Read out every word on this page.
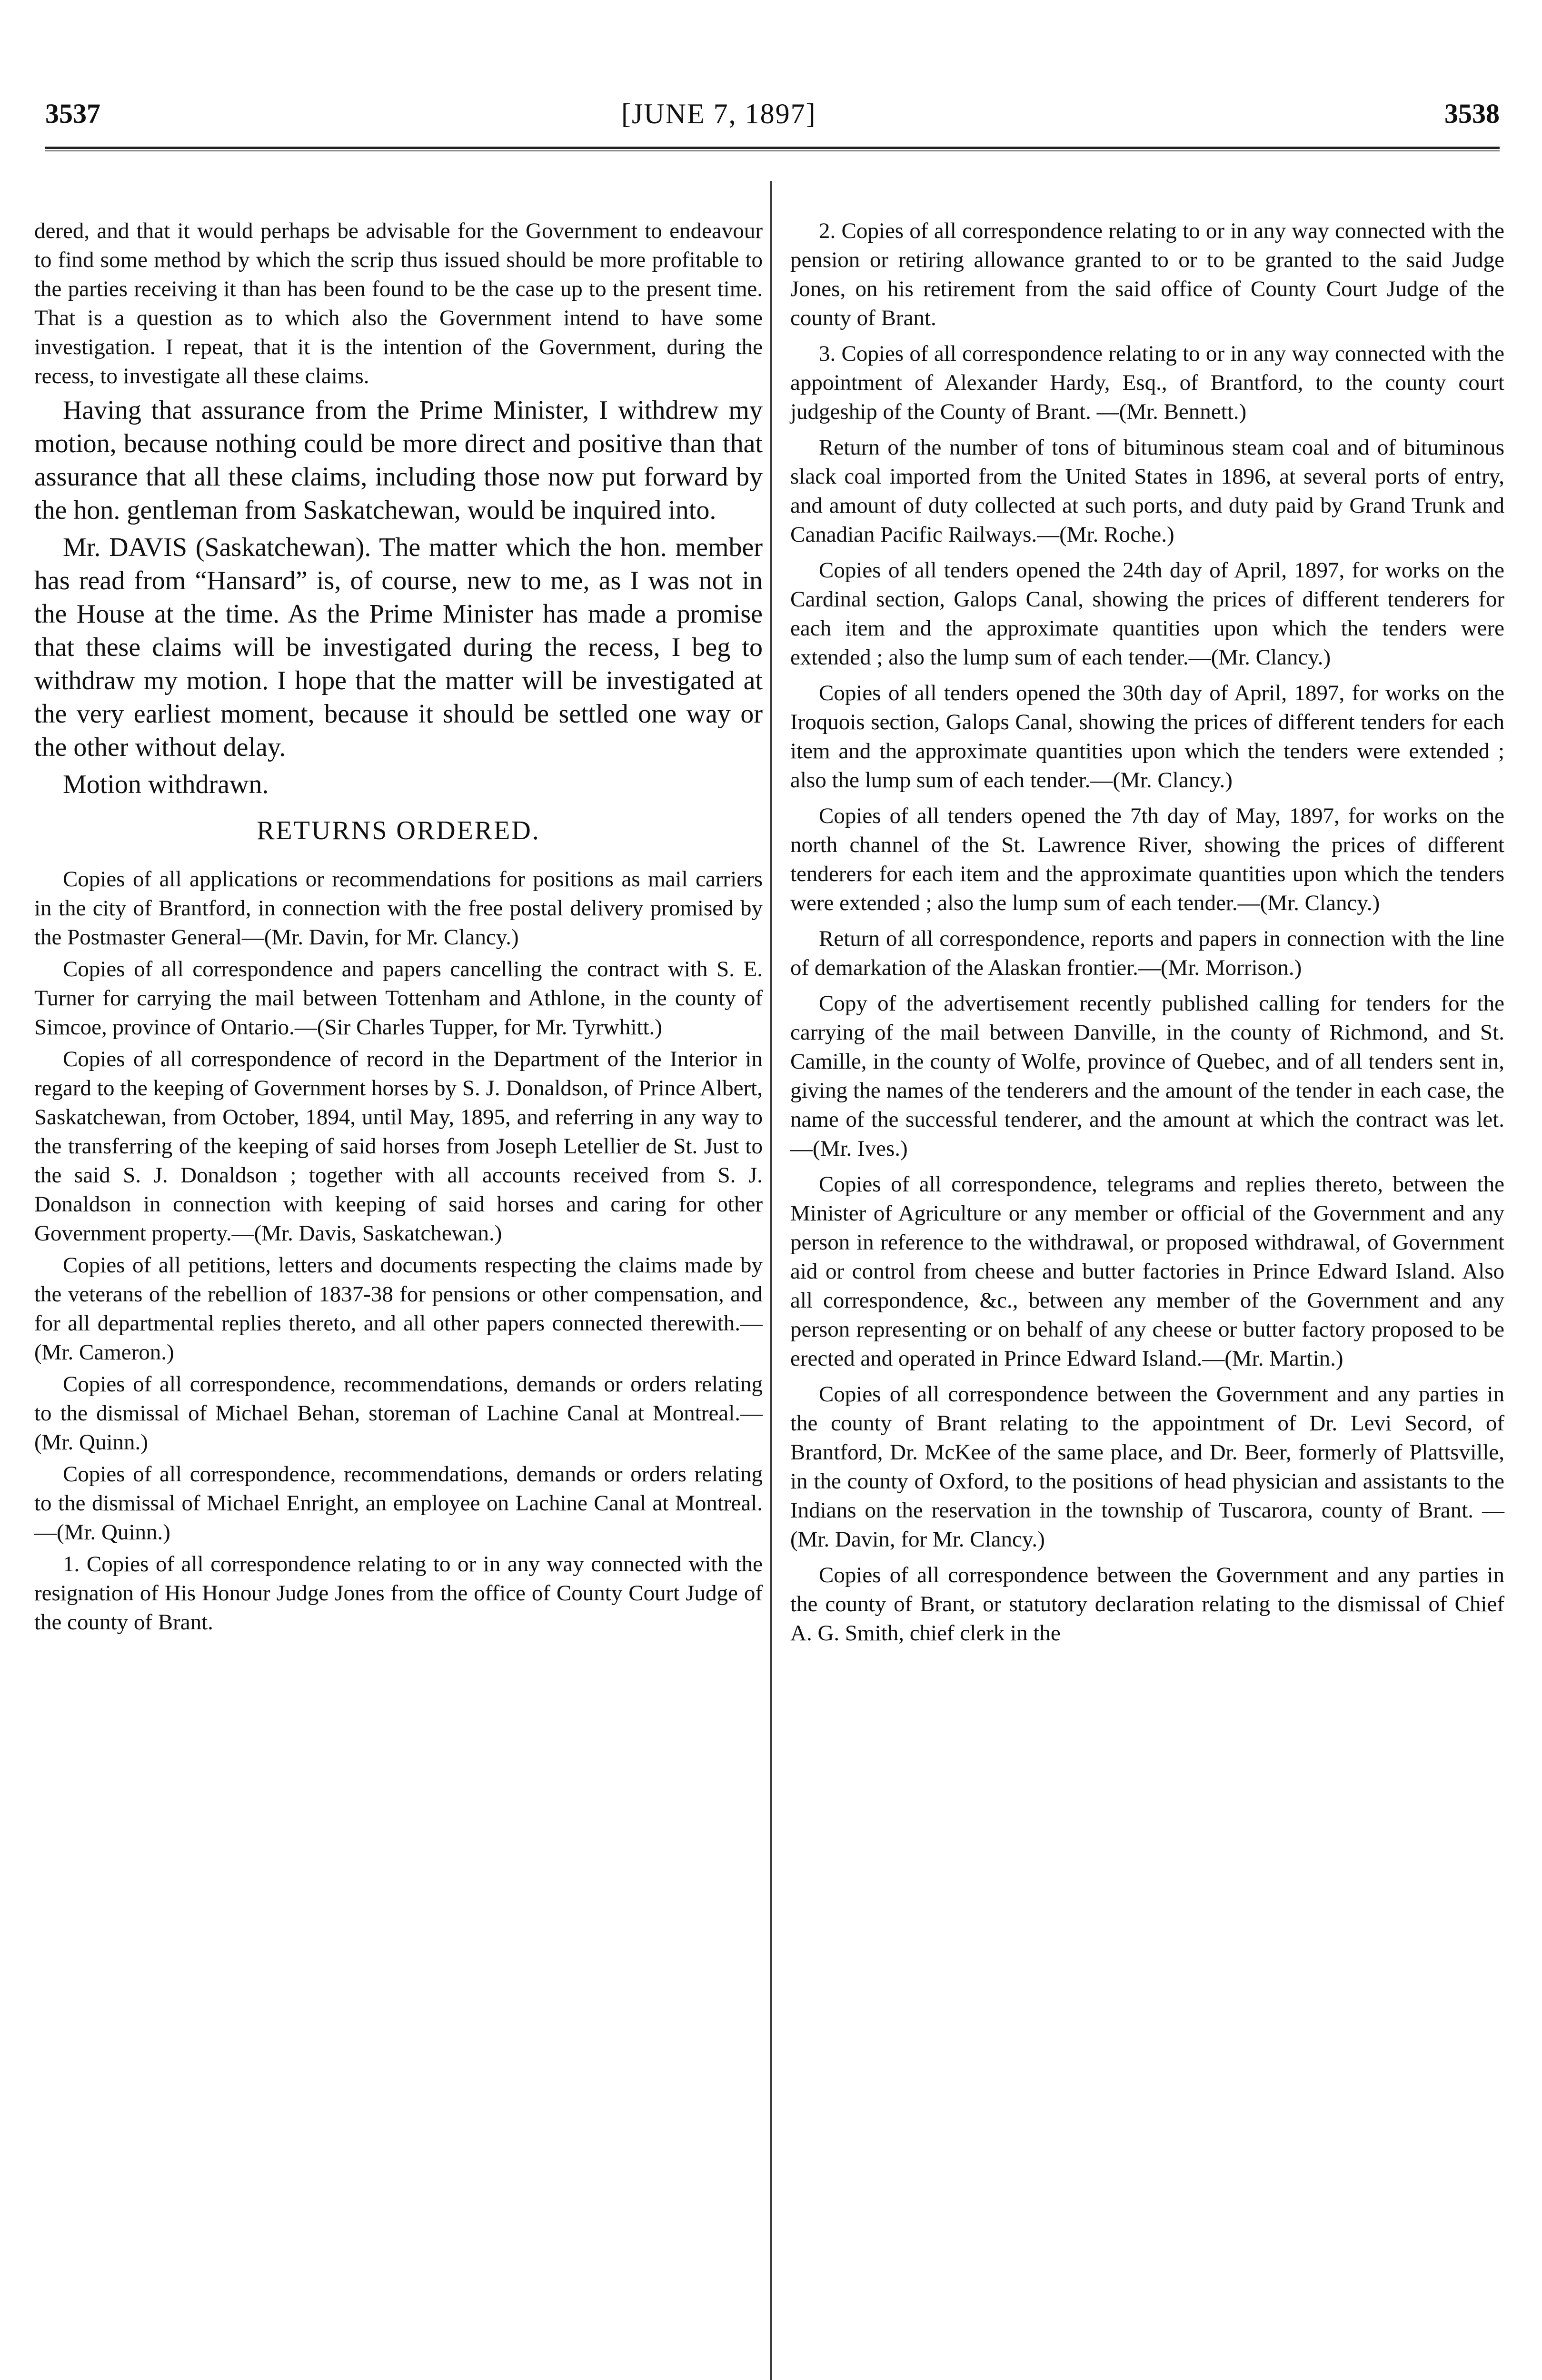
3537	[JUNE 7, 1897]	3538

dered, and that it would perhaps be advisable for the Government to endeavour to find some method by which the scrip thus issued should be more profitable to the parties receiving it than has been found to be the case up to the present time. That is a question as to which also the Government intend to have some investigation. I repeat, that it is the intention of the Government, during the recess, to investigate all these claims.

Having that assurance from the Prime Minister, I withdrew my motion, because nothing could be more direct and positive than that assurance that all these claims, including those now put forward by the hon. gentleman from Saskatchewan, would be inquired into.

Mr. DAVIS (Saskatchewan). The matter which the hon. member has read from “Hansard” is, of course, new to me, as I was not in the House at the time. As the Prime Minister has made a promise that these claims will be investigated during the recess, I beg to withdraw my motion. I hope that the matter will be investigated at the very earliest moment, because it should be settled one way or the other without delay.

Motion withdrawn.

RETURNS ORDERED.

Copies of all applications or recommendations for positions as mail carriers in the city of Brantford, in connection with the free postal delivery promised by the Postmaster General—(Mr. Davin, for Mr. Clancy.)

Copies of all correspondence and papers cancelling the contract with S. E. Turner for carrying the mail between Tottenham and Athlone, in the county of Simcoe, province of Ontario.—(Sir Charles Tupper, for Mr. Tyrwhitt.)

Copies of all correspondence of record in the Department of the Interior in regard to the keeping of Government horses by S. J. Donaldson, of Prince Albert, Saskatchewan, from October, 1894, until May, 1895, and referring in any way to the transferring of the keeping of said horses from Joseph Letellier de St. Just to the said S. J. Donaldson ; together with all accounts received from S. J. Donaldson in connection with keeping of said horses and caring for other Government property.—(Mr. Davis, Saskatchewan.)

Copies of all petitions, letters and documents respecting the claims made by the veterans of the rebellion of 1837-38 for pensions or other compensation, and for all departmental replies thereto, and all other papers connected therewith.—(Mr. Cameron.)

Copies of all correspondence, recommendations, demands or orders relating to the dismissal of Michael Behan, storeman of Lachine Canal at Montreal.—(Mr. Quinn.)

Copies of all correspondence, recommendations, demands or orders relating to the dismissal of Michael Enright, an employee on Lachine Canal at Montreal.—(Mr. Quinn.)

1. Copies of all correspondence relating to or in any way connected with the resignation of His Honour Judge Jones from the office of County Court Judge of the county of Brant.

2. Copies of all correspondence relating to or in any way connected with the pension or retiring allowance granted to or to be granted to the said Judge Jones, on his retirement from the said office of County Court Judge of the county of Brant.

3. Copies of all correspondence relating to or in any way connected with the appointment of Alexander Hardy, Esq., of Brantford, to the county court judgeship of the County of Brant. —(Mr. Bennett.)

Return of the number of tons of bituminous steam coal and of bituminous slack coal imported from the United States in 1896, at several ports of entry, and amount of duty collected at such ports, and duty paid by Grand Trunk and Canadian Pacific Railways.—(Mr. Roche.)

Copies of all tenders opened the 24th day of April, 1897, for works on the Cardinal section, Galops Canal, showing the prices of different tenderers for each item and the approximate quantities upon which the tenders were extended ; also the lump sum of each tender.—(Mr. Clancy.)

Copies of all tenders opened the 30th day of April, 1897, for works on the Iroquois section, Galops Canal, showing the prices of different tenders for each item and the approximate quantities upon which the tenders were extended ; also the lump sum of each tender.—(Mr. Clancy.)

Copies of all tenders opened the 7th day of May, 1897, for works on the north channel of the St. Lawrence River, showing the prices of different tenderers for each item and the approximate quantities upon which the tenders were extended ; also the lump sum of each tender.—(Mr. Clancy.)

Return of all correspondence, reports and papers in connection with the line of demarkation of the Alaskan frontier.—(Mr. Morrison.)

Copy of the advertisement recently published calling for tenders for the carrying of the mail between Danville, in the county of Richmond, and St. Camille, in the county of Wolfe, province of Quebec, and of all tenders sent in, giving the names of the tenderers and the amount of the tender in each case, the name of the successful tenderer, and the amount at which the contract was let.—(Mr. Ives.)

Copies of all correspondence, telegrams and replies thereto, between the Minister of Agriculture or any member or official of the Government and any person in reference to the withdrawal, or proposed withdrawal, of Government aid or control from cheese and butter factories in Prince Edward Island. Also all correspondence, &c., between any member of the Government and any person representing or on behalf of any cheese or butter factory proposed to be erected and operated in Prince Edward Island.—(Mr. Martin.)

Copies of all correspondence between the Government and any parties in the county of Brant relating to the appointment of Dr. Levi Secord, of Brantford, Dr. McKee of the same place, and Dr. Beer, formerly of Plattsville, in the county of Oxford, to the positions of head physician and assistants to the Indians on the reservation in the township of Tuscarora, county of Brant. —(Mr. Davin, for Mr. Clancy.)

Copies of all correspondence between the Government and any parties in the county of Brant, or statutory declaration relating to the dismissal of Chief A. G. Smith, chief clerk in the
